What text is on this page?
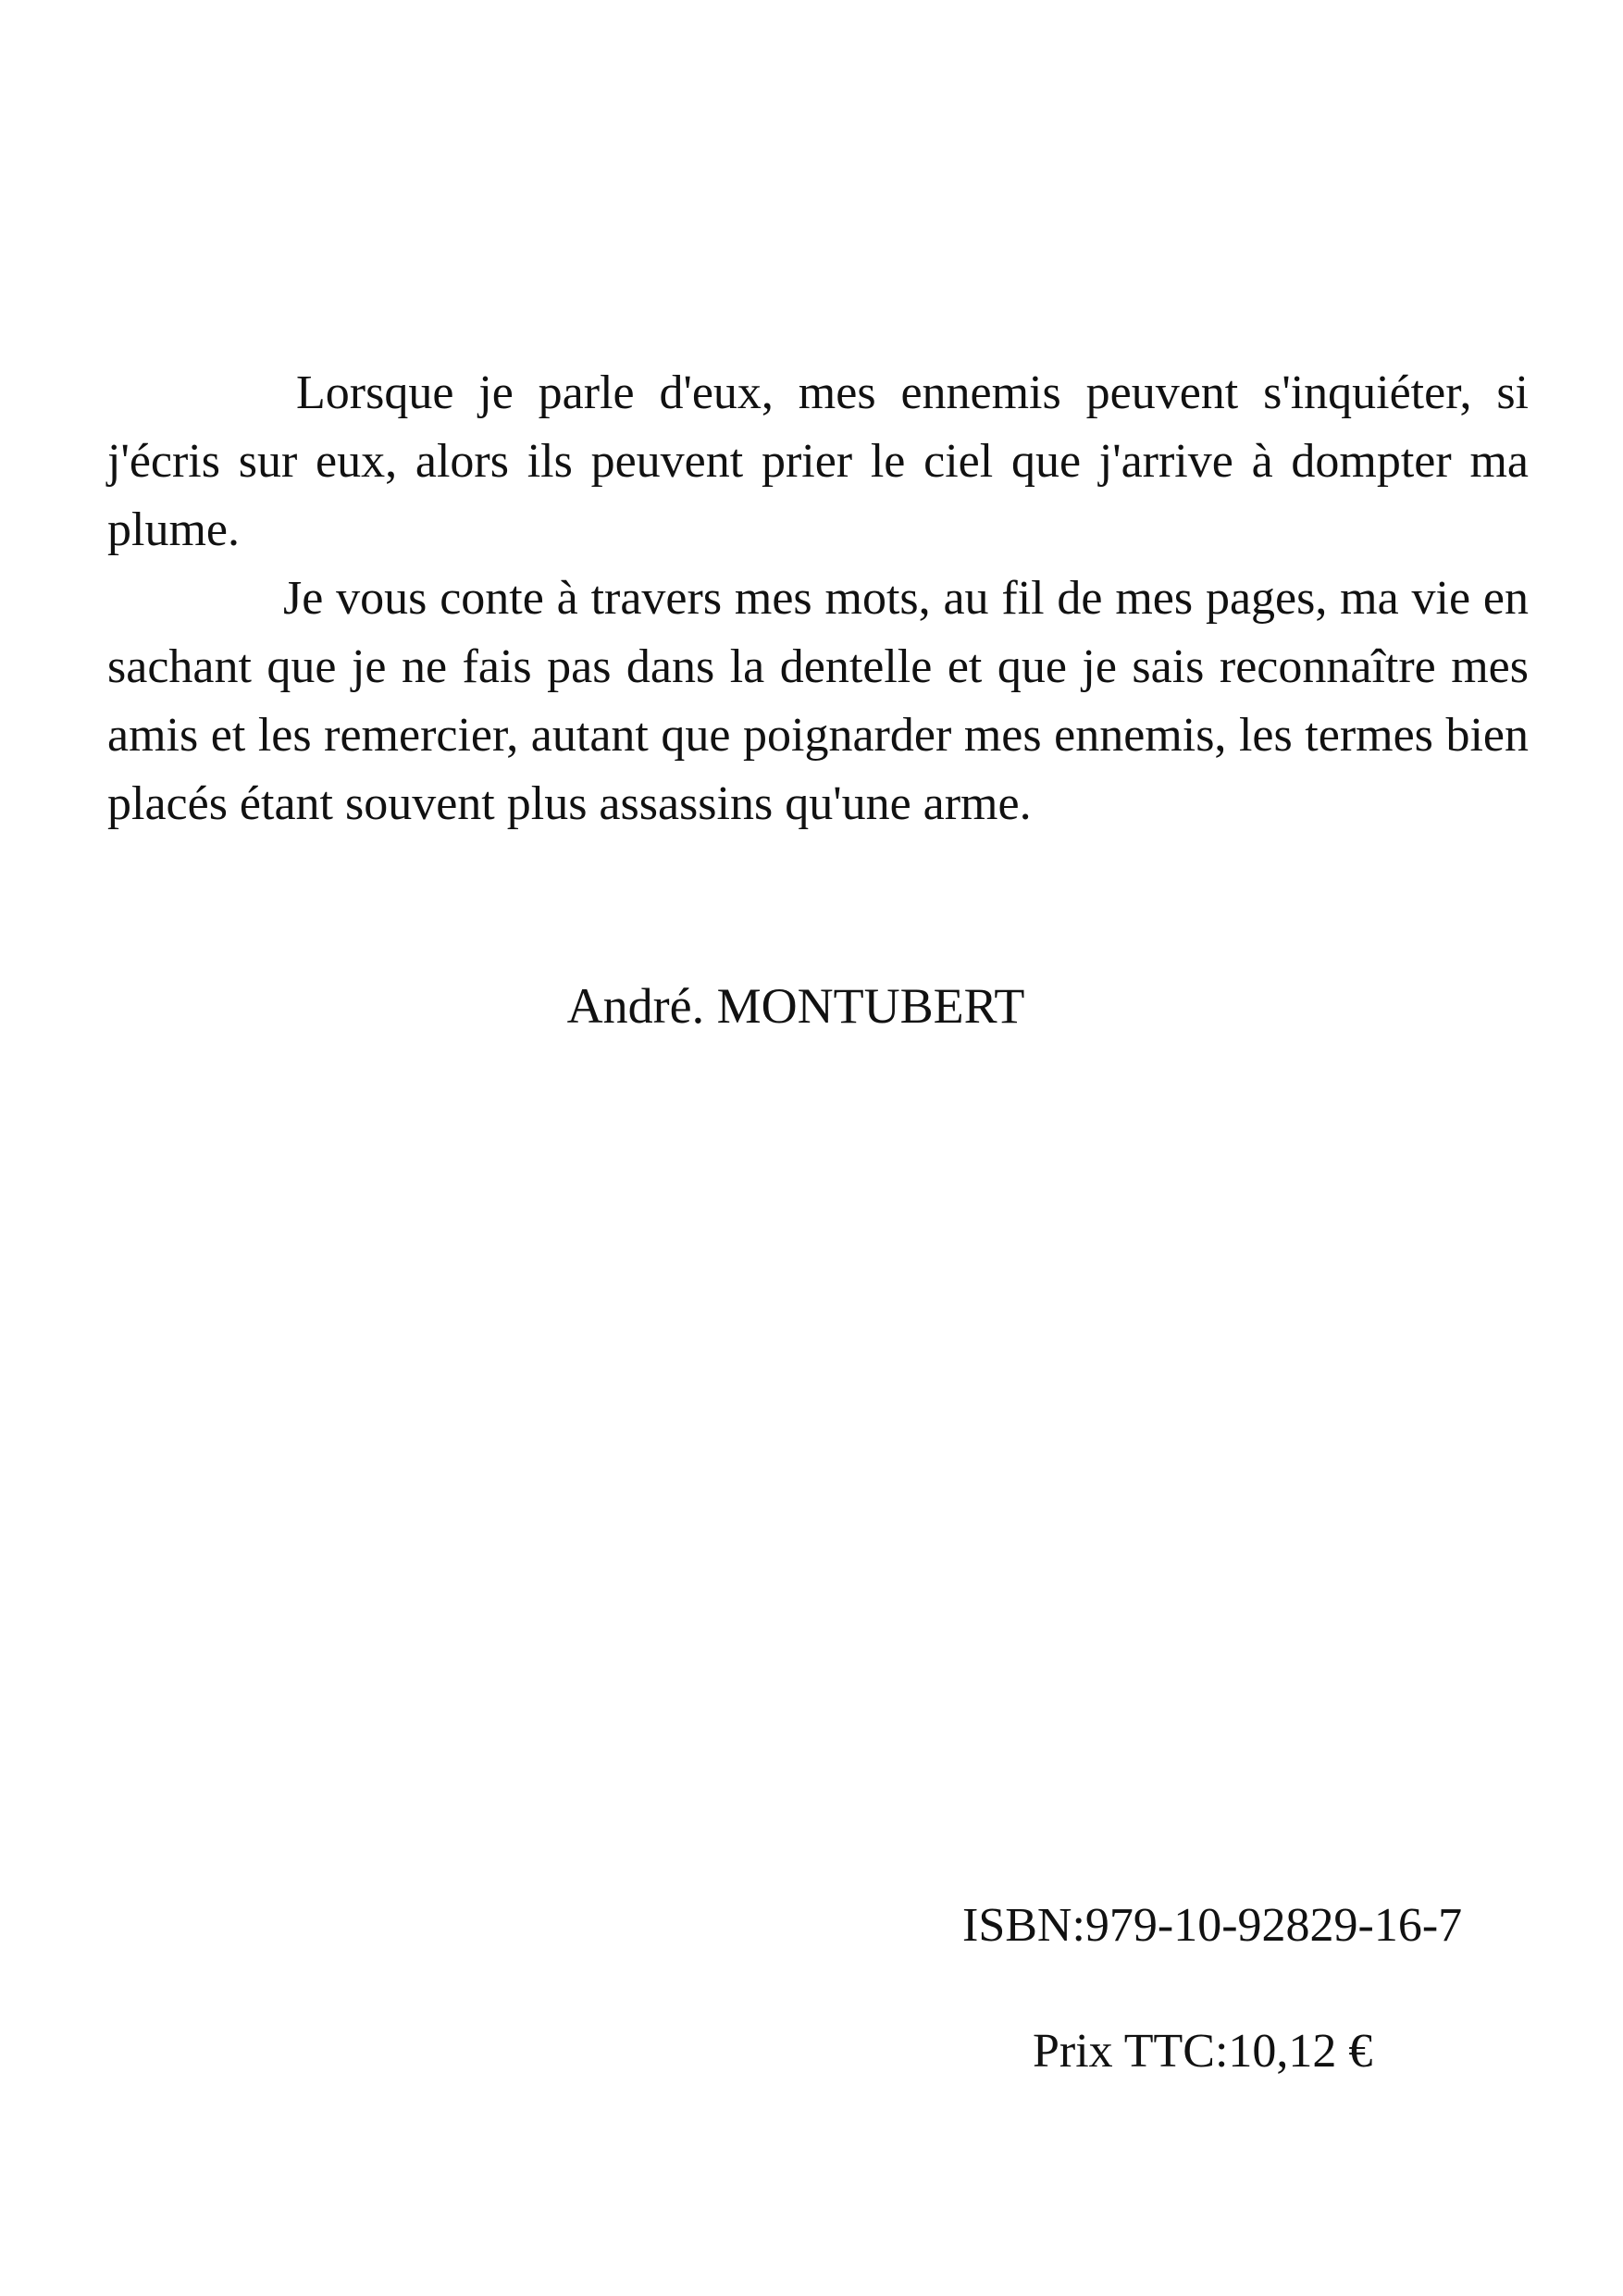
Lorsque je parle d'eux, mes ennemis peuvent s'inquiéter, si j'écris sur eux, alors ils peuvent prier le ciel que j'arrive à dompter ma plume.

Je vous conte à travers mes mots, au fil de mes pages, ma vie en sachant que je ne fais pas dans la dentelle et que je sais reconnaître mes amis et les remercier, autant que poignarder mes ennemis, les termes bien placés étant souvent plus assassins qu'une arme.

André. MONTUBERT

ISBN:979-10-92829-16-7

Prix TTC:10,12 €
